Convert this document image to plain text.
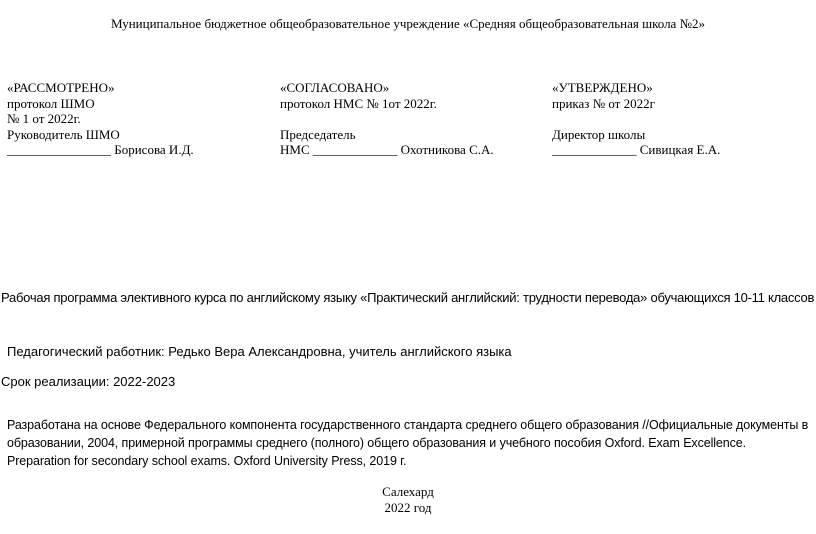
Муниципальное бюджетное общеобразовательное учреждение «Средняя общеобразовательная школа №2»
«РАССМОТРЕНО»
протокол ШМО
№ 1 от 2022г.
Руководитель ШМО
________________ Борисова И.Д.
«СОГЛАСОВАНО»
протокол НМС № 1от 2022г.
Председатель
НМС _____________ Охотникова С.А.
«УТВЕРЖДЕНО»
приказ № от 2022г
Директор школы
_____________ Сивицкая Е.А.
Рабочая программа элективного курса по английскому языку «Практический английский: трудности перевода» обучающихся 10-11 классов
Педагогический работник: Редько Вера Александровна, учитель английского языка
Срок реализации: 2022-2023
Разработана на основе Федерального компонента государственного стандарта среднего общего образования //Официальные документы в
образовании, 2004, примерной программы среднего (полного) общего образования и учебного пособия Oxford. Exam Excellence.
Preparation for secondary school exams. Oxford University Press, 2019 г.
Салехард
2022 год
